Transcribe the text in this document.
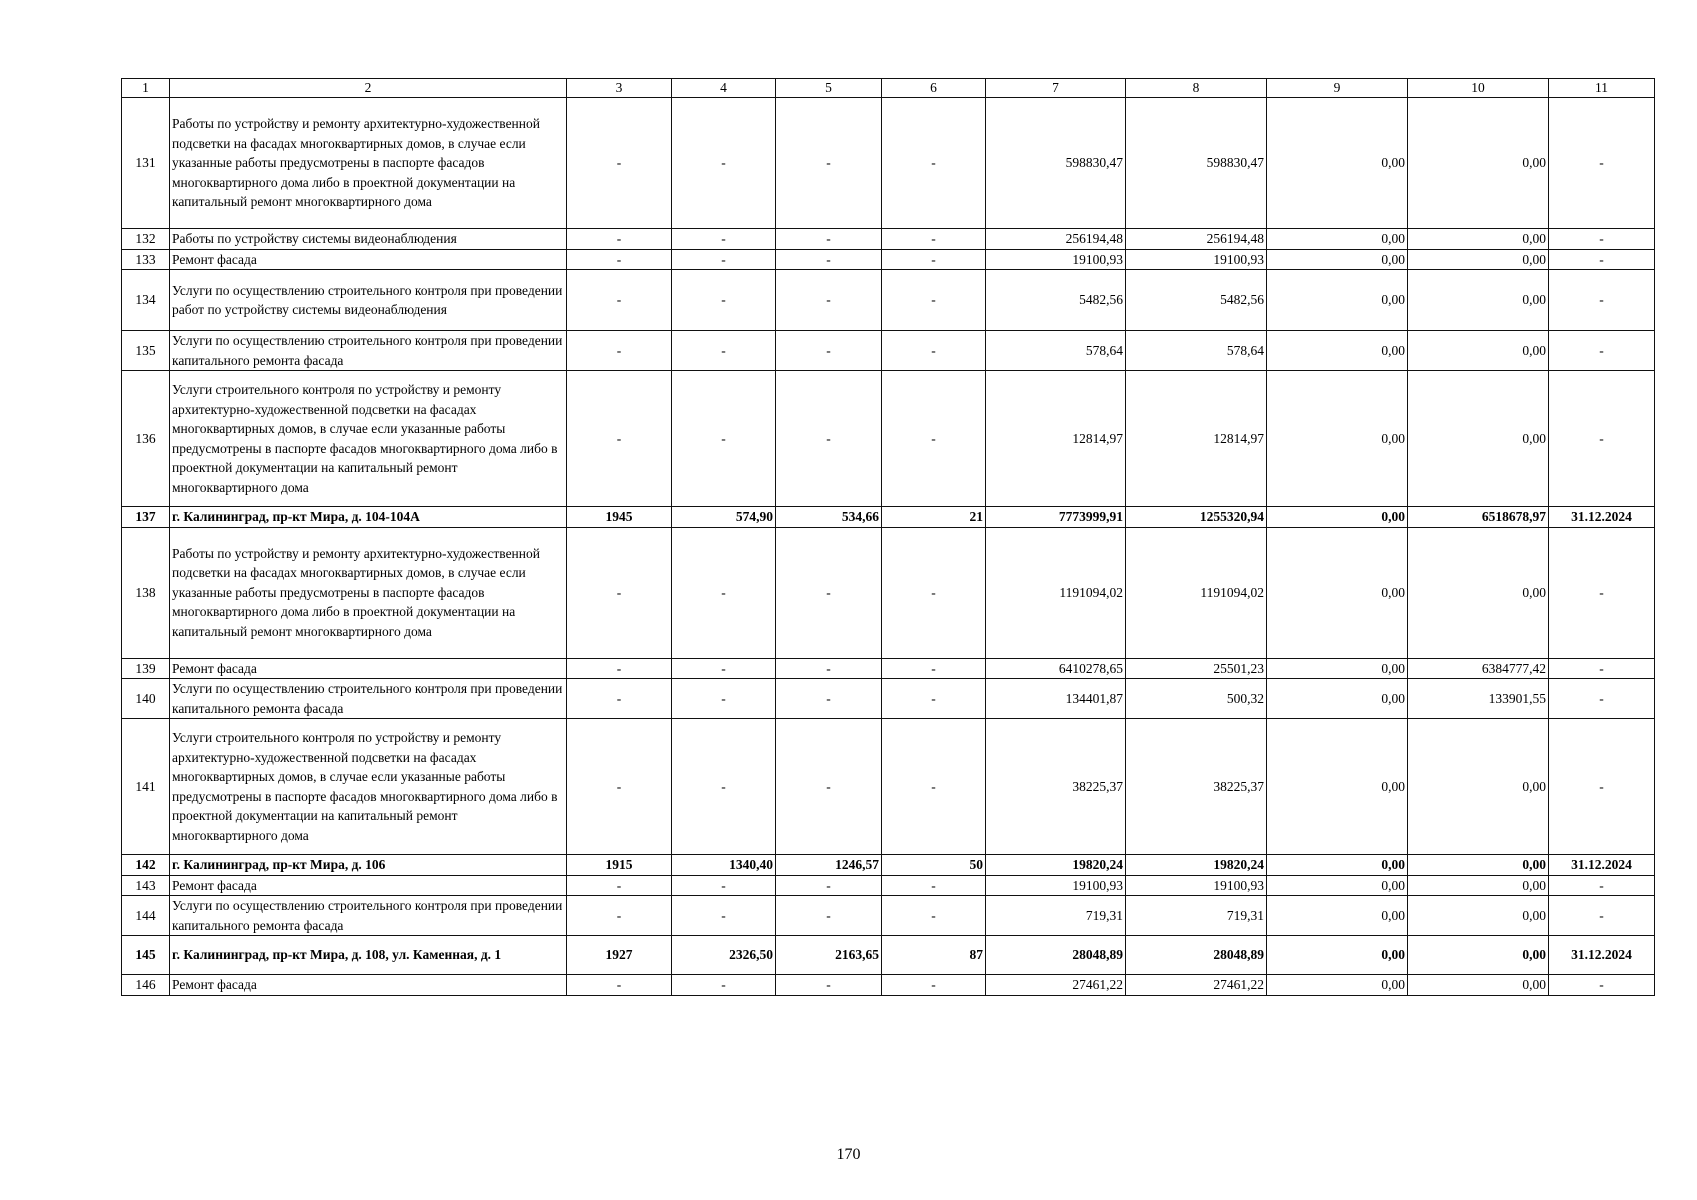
1	2	3	4	5	6	7	8	9	10	11
131	Работы по устройству и ремонту архитектурно-художественной подсветки на фасадах многоквартирных домов, в случае если указанные работы предусмотрены в паспорте фасадов многоквартирного дома либо в проектной документации на капитальный ремонт многоквартирного дома	-	-	-	-	598830,47	598830,47	0,00	0,00	-
132	Работы по устройству системы видеонаблюдения	-	-	-	-	256194,48	256194,48	0,00	0,00	-
133	Ремонт фасада	-	-	-	-	19100,93	19100,93	0,00	0,00	-
134	Услуги по осуществлению строительного контроля при проведении работ по устройству системы видеонаблюдения	-	-	-	-	5482,56	5482,56	0,00	0,00	-
135	Услуги по осуществлению строительного контроля при проведении капитального ремонта фасада	-	-	-	-	578,64	578,64	0,00	0,00	-
136	Услуги строительного контроля по устройству и ремонту архитектурно-художественной подсветки на фасадах многоквартирных домов, в случае если указанные работы предусмотрены в паспорте фасадов многоквартирного дома либо в проектной документации на капитальный ремонт многоквартирного дома	-	-	-	-	12814,97	12814,97	0,00	0,00	-
137	г. Калининград, пр-кт Мира, д. 104-104А	1945	574,90	534,66	21	7773999,91	1255320,94	0,00	6518678,97	31.12.2024
138	Работы по устройству и ремонту архитектурно-художественной подсветки на фасадах многоквартирных домов, в случае если указанные работы предусмотрены в паспорте фасадов многоквартирного дома либо в проектной документации на капитальный ремонт многоквартирного дома	-	-	-	-	1191094,02	1191094,02	0,00	0,00	-
139	Ремонт фасада	-	-	-	-	6410278,65	25501,23	0,00	6384777,42	-
140	Услуги по осуществлению строительного контроля при проведении капитального ремонта фасада	-	-	-	-	134401,87	500,32	0,00	133901,55	-
141	Услуги строительного контроля по устройству и ремонту архитектурно-художественной подсветки на фасадах многоквартирных домов, в случае если указанные работы предусмотрены в паспорте фасадов многоквартирного дома либо в проектной документации на капитальный ремонт многоквартирного дома	-	-	-	-	38225,37	38225,37	0,00	0,00	-
142	г. Калининград, пр-кт Мира, д. 106	1915	1340,40	1246,57	50	19820,24	19820,24	0,00	0,00	31.12.2024
143	Ремонт фасада	-	-	-	-	19100,93	19100,93	0,00	0,00	-
144	Услуги по осуществлению строительного контроля при проведении капитального ремонта фасада	-	-	-	-	719,31	719,31	0,00	0,00	-
145	г. Калининград, пр-кт Мира, д. 108, ул. Каменная, д. 1	1927	2326,50	2163,65	87	28048,89	28048,89	0,00	0,00	31.12.2024
146	Ремонт фасада	-	-	-	-	27461,22	27461,22	0,00	0,00	-
170
